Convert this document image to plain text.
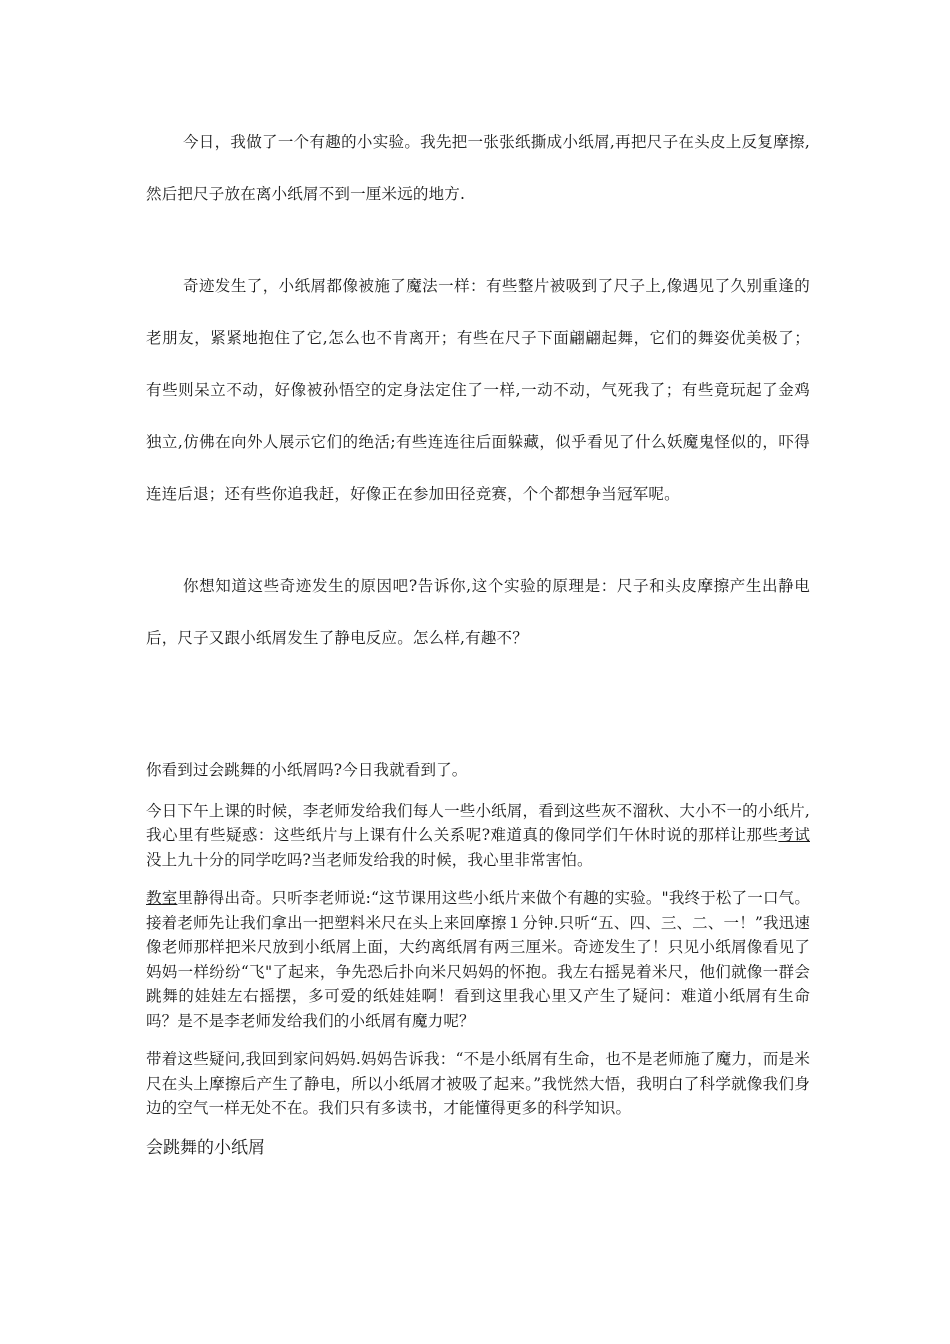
今日，我做了一个有趣的小实验。我先把一张张纸撕成小纸屑,再把尺子在头皮上反复摩擦,然后把尺子放在离小纸屑不到一厘米远的地方.

奇迹发生了，小纸屑都像被施了魔法一样：有些整片被吸到了尺子上,像遇见了久别重逢的老朋友，紧紧地抱住了它,怎么也不肯离开；有些在尺子下面翩翩起舞，它们的舞姿优美极了；有些则呆立不动，好像被孙悟空的定身法定住了一样,一动不动，气死我了；有些竟玩起了金鸡独立,仿佛在向外人展示它们的绝活;有些连连往后面躲藏，似乎看见了什么妖魔鬼怪似的，吓得连连后退；还有些你追我赶，好像正在参加田径竞赛，个个都想争当冠军呢。

你想知道这些奇迹发生的原因吧?告诉你,这个实验的原理是：尺子和头皮摩擦产生出静电后，尺子又跟小纸屑发生了静电反应。怎么样,有趣不？

你看到过会跳舞的小纸屑吗?今日我就看到了。

今日下午上课的时候，李老师发给我们每人一些小纸屑，看到这些灰不溜秋、大小不一的小纸片,我心里有些疑惑：这些纸片与上课有什么关系呢?难道真的像同学们午休时说的那样让那些考试没上九十分的同学吃吗?当老师发给我的时候，我心里非常害怕。

教室里静得出奇。只听李老师说:“这节课用这些小纸片来做个有趣的实验。"我终于松了一口气。接着老师先让我们拿出一把塑料米尺在头上来回摩擦１分钟.只听“五、四、三、二、一！”我迅速像老师那样把米尺放到小纸屑上面，大约离纸屑有两三厘米。奇迹发生了！只见小纸屑像看见了妈妈一样纷纷“飞"了起来，争先恐后扑向米尺妈妈的怀抱。我左右摇晃着米尺，他们就像一群会跳舞的娃娃左右摇摆，多可爱的纸娃娃啊！看到这里我心里又产生了疑问：难道小纸屑有生命吗？是不是李老师发给我们的小纸屑有魔力呢？

带着这些疑问,我回到家问妈妈.妈妈告诉我：“不是小纸屑有生命，也不是老师施了魔力，而是米尺在头上摩擦后产生了静电，所以小纸屑才被吸了起来。”我恍然大悟，我明白了科学就像我们身边的空气一样无处不在。我们只有多读书，才能懂得更多的科学知识。

会跳舞的小纸屑
